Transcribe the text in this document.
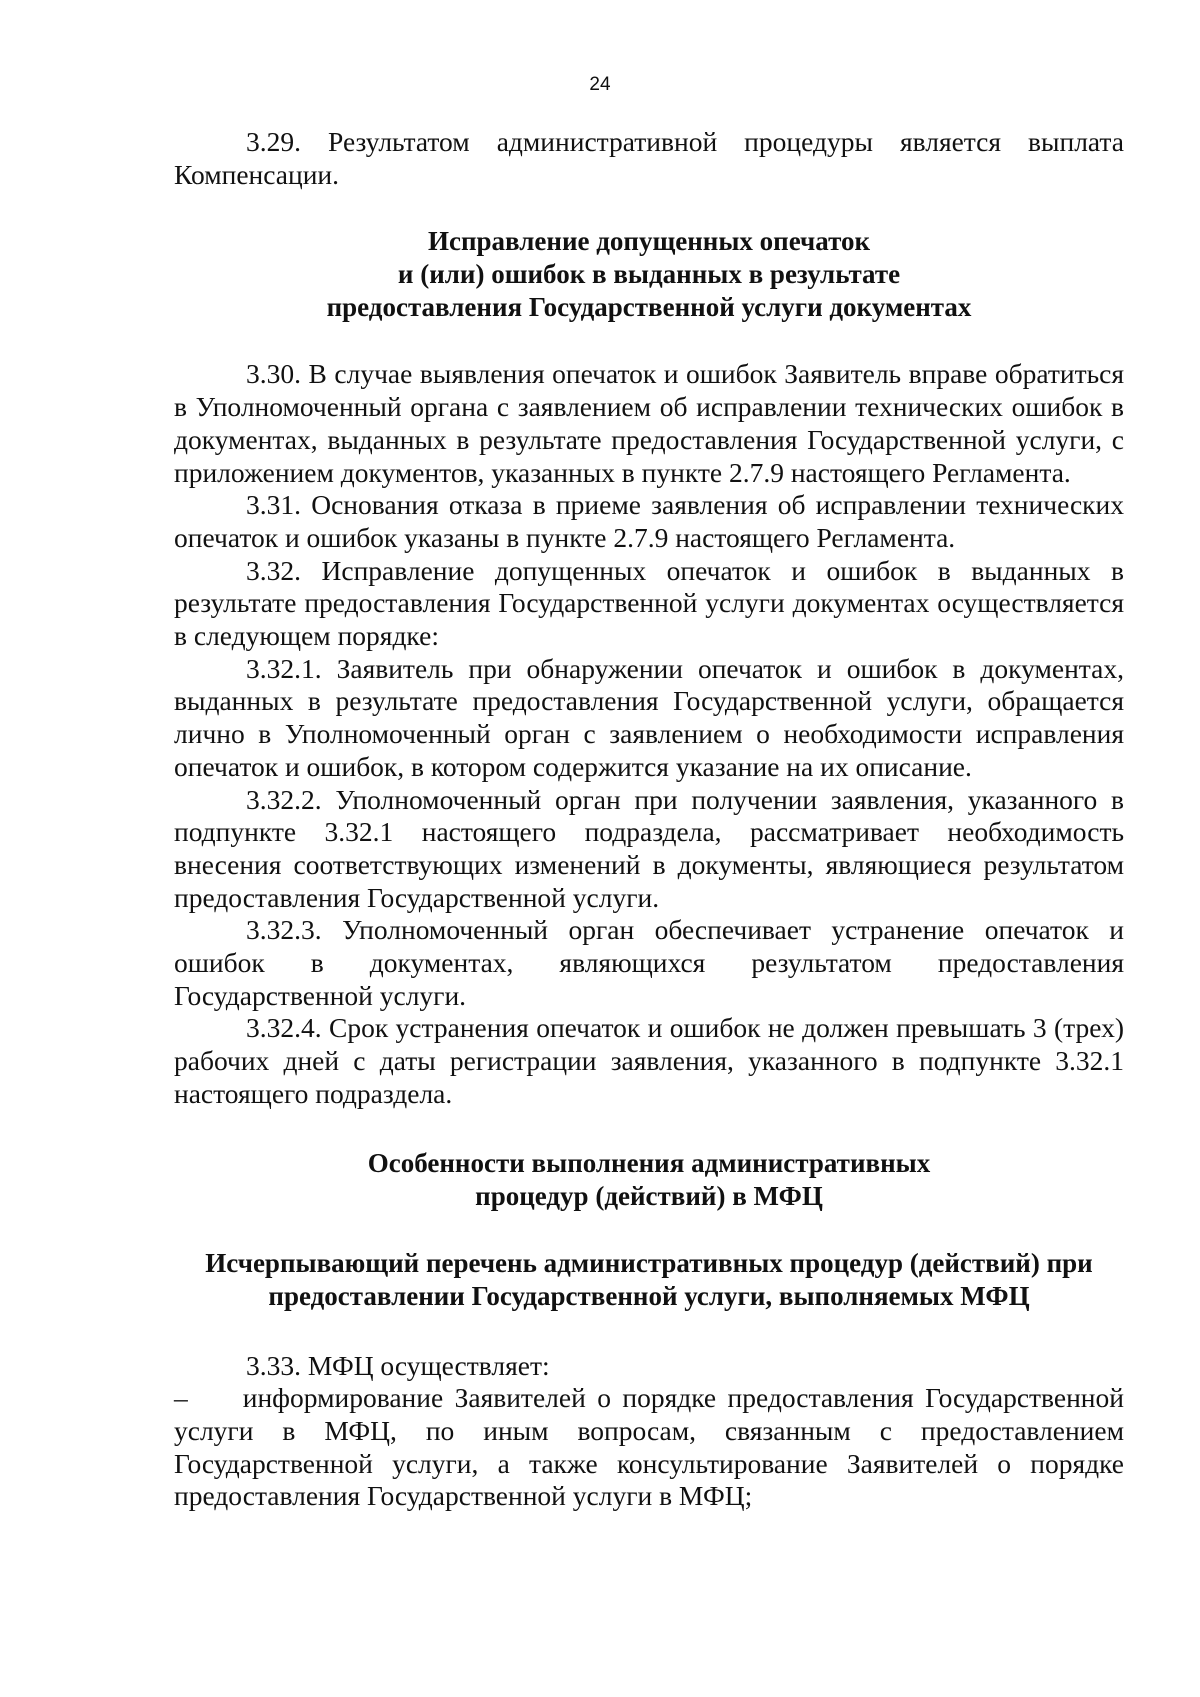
24

3.29. Результатом административной процедуры является выплата Компенсации.

Исправление допущенных опечаток
и (или) ошибок в выданных в результате
предоставления Государственной услуги документах

3.30. В случае выявления опечаток и ошибок Заявитель вправе обратиться в Уполномоченный органа с заявлением об исправлении технических ошибок в документах, выданных в результате предоставления Государственной услуги, с приложением документов, указанных в пункте 2.7.9 настоящего Регламента.

3.31. Основания отказа в приеме заявления об исправлении технических опечаток и ошибок указаны в пункте 2.7.9 настоящего Регламента.

3.32. Исправление допущенных опечаток и ошибок в выданных в результате предоставления Государственной услуги документах осуществляется в следующем порядке:

3.32.1. Заявитель при обнаружении опечаток и ошибок в документах, выданных в результате предоставления Государственной услуги, обращается лично в Уполномоченный орган с заявлением о необходимости исправления опечаток и ошибок, в котором содержится указание на их описание.

3.32.2. Уполномоченный орган при получении заявления, указанного в подпункте 3.32.1 настоящего подраздела, рассматривает необходимость внесения соответствующих изменений в документы, являющиеся результатом предоставления Государственной услуги.

3.32.3. Уполномоченный орган обеспечивает устранение опечаток и ошибок в документах, являющихся результатом предоставления Государственной услуги.

3.32.4. Срок устранения опечаток и ошибок не должен превышать 3 (трех) рабочих дней с даты регистрации заявления, указанного в подпункте 3.32.1 настоящего подраздела.

Особенности выполнения административных
процедур (действий) в МФЦ
Исчерпывающий перечень административных процедур (действий) при
предоставлении Государственной услуги, выполняемых МФЦ

3.33. МФЦ осуществляет:

–  информирование Заявителей о порядке предоставления Государственной услуги в МФЦ, по иным вопросам, связанным с предоставлением Государственной услуги, а также консультирование Заявителей о порядке предоставления Государственной услуги в МФЦ;
